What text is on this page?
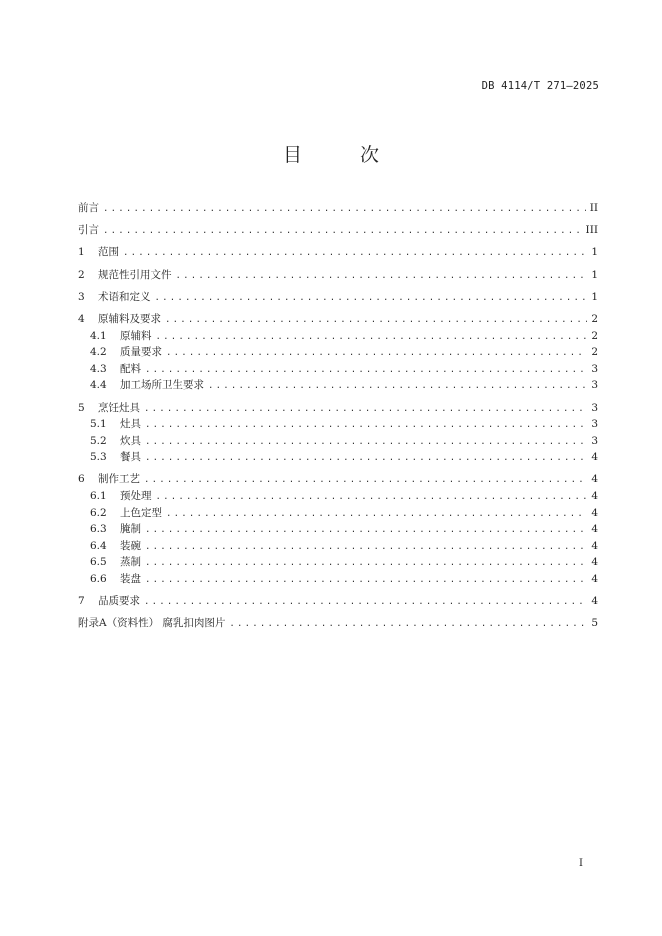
DB 4114/T 271—2025
目 次
前言 .....	II
引言 .....	III
1	范围 .....	1
2	规范性引用文件 .....	1
3	术语和定义 .....	1
4	原辅料及要求 .....	2
4.1	原辅料 .....	2
4.2	质量要求 .....	2
4.3	配料 .....	3
4.4	加工场所卫生要求 .....	3
5	烹饪灶具 .....	3
5.1	灶具 .....	3
5.2	炊具 .....	3
5.3	餐具 .....	4
6	制作工艺 .....	4
6.1	预处理 .....	4
6.2	上色定型 .....	4
6.3	腌制 .....	4
6.4	装碗 .....	4
6.5	蒸制 .....	4
6.6	装盘 .....	4
7	品质要求 .....	4
附录A（资料性） 腐乳扣肉图片 .....	5
I
